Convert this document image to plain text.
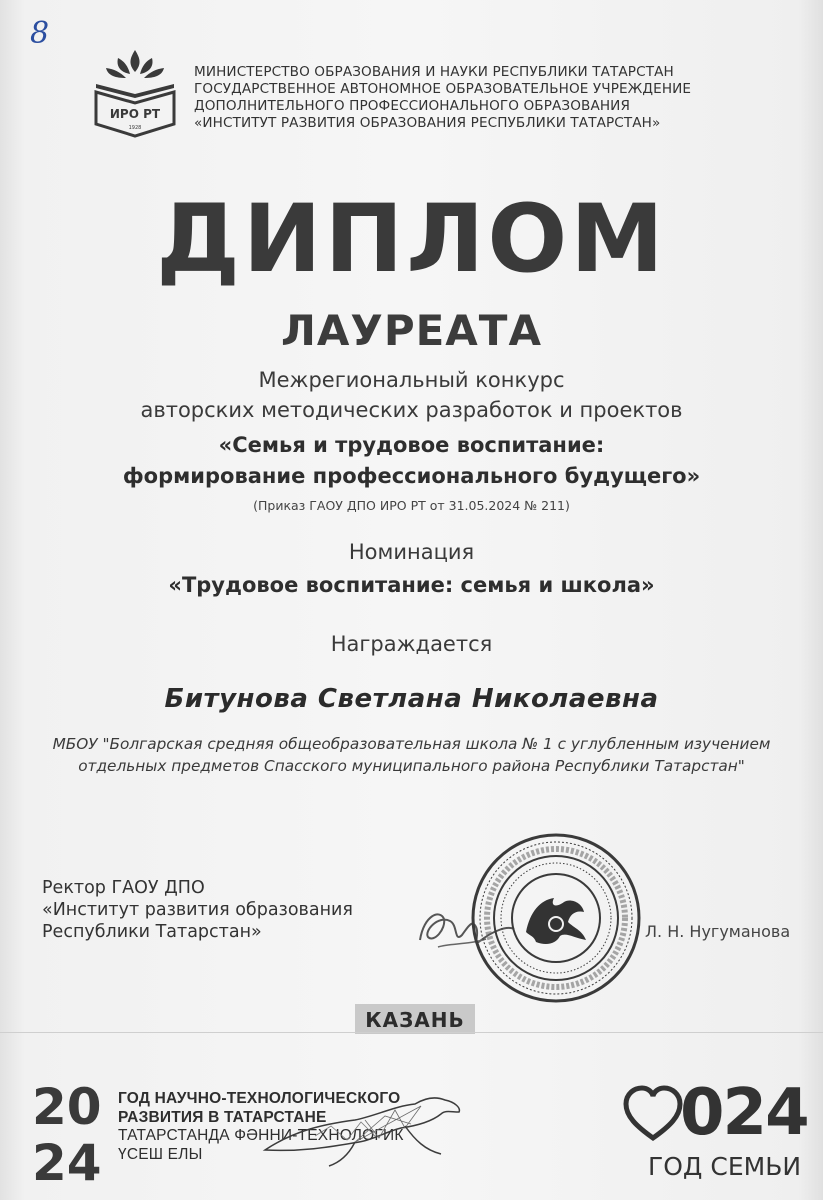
8
ИРО РТ
1928
МИНИСТЕРСТВО ОБРАЗОВАНИЯ И НАУКИ РЕСПУБЛИКИ ТАТАРСТАН
ГОСУДАРСТВЕННОЕ АВТОНОМНОЕ ОБРАЗОВАТЕЛЬНОЕ УЧРЕЖДЕНИЕ
ДОПОЛНИТЕЛЬНОГО ПРОФЕССИОНАЛЬНОГО ОБРАЗОВАНИЯ
«ИНСТИТУТ РАЗВИТИЯ ОБРАЗОВАНИЯ РЕСПУБЛИКИ ТАТАРСТАН»
ДИПЛОМ
ЛАУРЕАТА
Межрегиональный конкурс
авторских методических разработок и проектов
«Семья и трудовое воспитание:
формирование профессионального будущего»
(Приказ ГАОУ ДПО ИРО РТ от 31.05.2024 № 211)
Номинация
«Трудовое воспитание: семья и школа»
Награждается
Битунова Светлана Николаевна
МБОУ "Болгарская средняя общеобразовательная школа № 1 с углубленным изучением
отдельных предметов Спасского муниципального района Республики Татарстан"
Ректор ГАОУ ДПО
«Институт развития образования
Республики Татарстан»	Л. Н. Нугуманова
КАЗАНЬ
20
24
ГОД НАУЧНО-ТЕХНОЛОГИЧЕСКОГО
РАЗВИТИЯ В ТАТАРСТАНЕ
ТАТАРСТАНДА ФӘННИ-ТЕХНОЛОГИК
ҮСЕШ ЕЛЫ
024
ГОД СЕМЬИ
